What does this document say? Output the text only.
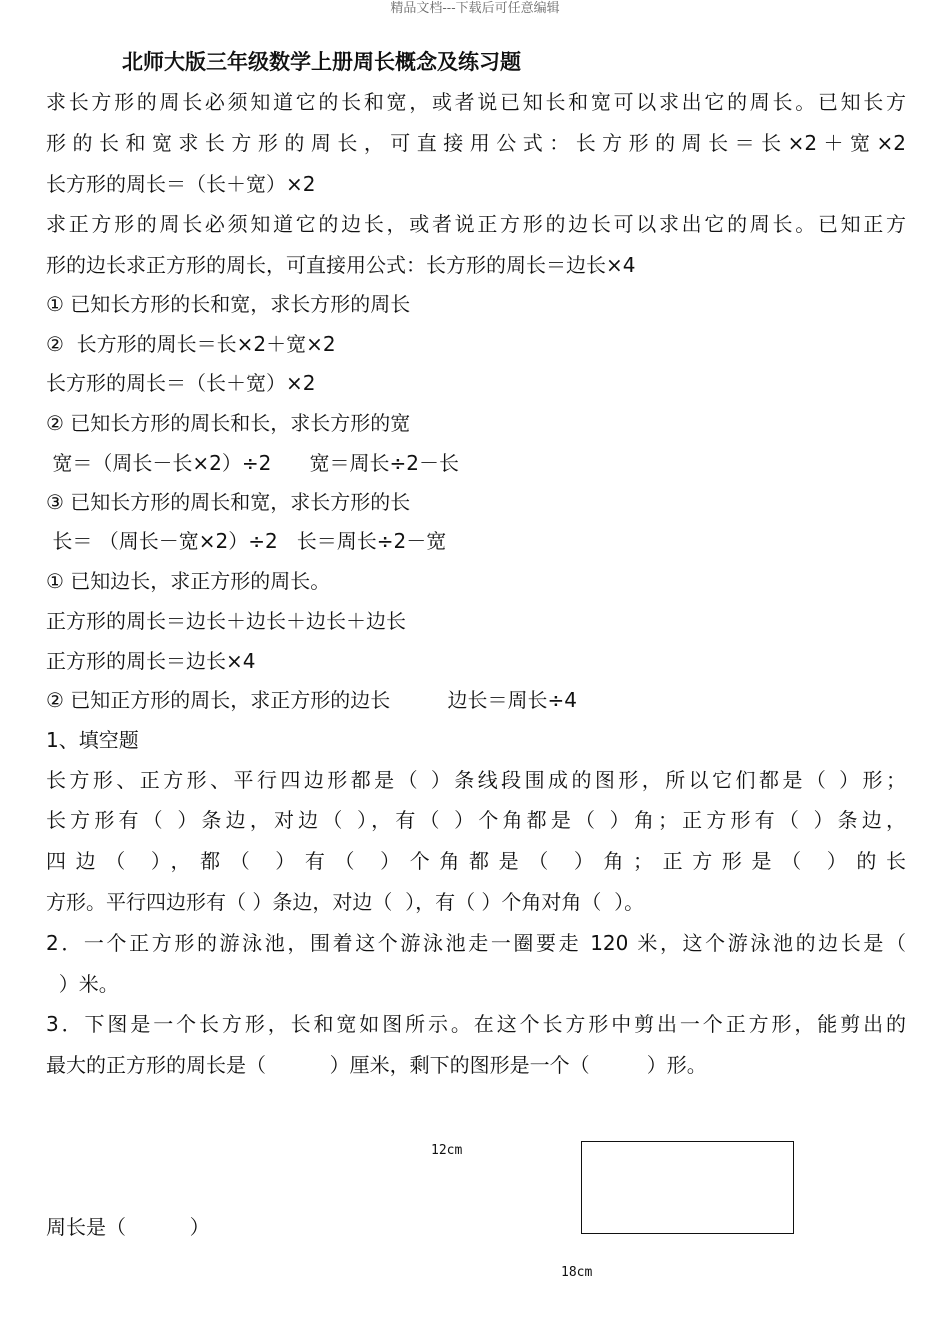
精品文档---下载后可任意编辑
北师大版三年级数学上册周长概念及练习题
求长方形的周长必须知道它的长和宽，或者说已知长和宽可以求出它的周长。已知长方
形的长和宽求长方形的周长，可直接用公式：长方形的周长＝长×2＋宽×2
长方形的周长＝（长＋宽）×2
求正方形的周长必须知道它的边长，或者说正方形的边长可以求出它的周长。已知正方
形的边长求正方形的周长，可直接用公式：长方形的周长＝边长×4
① 已知长方形的长和宽，求长方形的周长
②  长方形的周长＝长×2＋宽×2
长方形的周长＝（长＋宽）×2
② 已知长方形的周长和长，求长方形的宽
宽＝（周长－长×2）÷2      宽＝周长÷2－长
③ 已知长方形的周长和宽，求长方形的长
长＝ （周长－宽×2）÷2   长＝周长÷2－宽
① 已知边长，求正方形的周长。
正方形的周长＝边长＋边长＋边长＋边长
正方形的周长＝边长×4
② 已知正方形的周长，求正方形的边长         边长＝周长÷4
1、填空题
长方形、正方形、平行四边形都是（ ）条线段围成的图形，所以它们都是（ ）形；
长方形有（ ）条边，对边（ ），有（ ）个角都是（ ）角；正方形有（ ）条边，
四边（ ），都（ ）有（ ）个角都是（ ）角；正方形是（ ）的长
方形。平行四边形有（ ）条边，对边（  ），有（ ）个角对角（  ）。
2．一个正方形的游泳池，围着这个游泳池走一圈要走 120 米，这个游泳池的边长是（
）米。
3．下图是一个长方形，长和宽如图所示。在这个长方形中剪出一个正方形，能剪出的
最大的正方形的周长是（          ）厘米，剩下的图形是一个（         ）形。
12cm
18cm
周长是（          ）
